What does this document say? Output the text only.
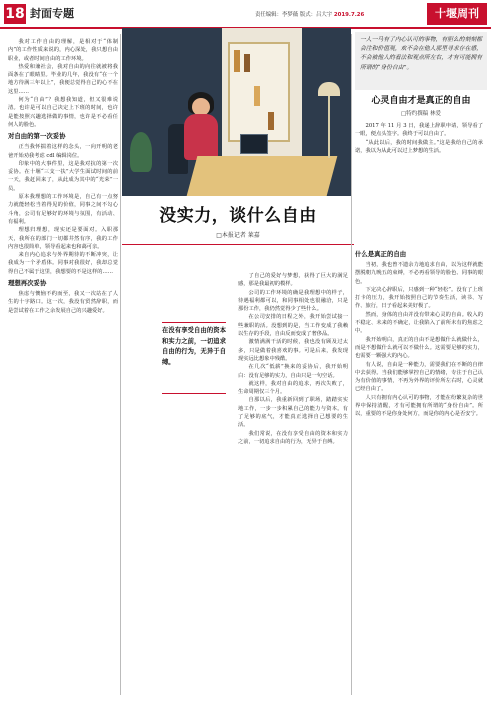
18 封面专题	责任编辑：李梦薇 版式：吕大宇 2019.7.26	十堰周刊

我对工作自由的理解，是相对于“体制内”的工作性质来说的，内心深处，我只想自由职业，或者时间自由的工作环境。

热爱和兼社会，我对自由的向往就被将我面条在了眼睛里。毕业的几年，我没有“在一个地方待满三年以上”，我便总觉得自己的心不在这里……

何为“自由”？我想我知道，但又很难说清。也许是可以自己决定上下班的时间，也许是能按照兴趣选择做的事情，也许是不必看任何人的脸色。

对自由的第一次妥协

正当我怀揣着这样的念头，一向开明的老爸开始劝我考虑 cdl 编辑岗位。

印象中的大事件里，这是我对抗的第一次妥协。在十堰“三支一扶”大学生面试时间的前一天，我赶回来了，从此成为其中的“光荣”一员。

原本我理想的工作环境是，自己有一点努力就能轻松当着得见的价值，同事之间不勾心斗角，公司有足够好的环境与氛围，有活动、有福利。

理想归理想，现实还是要面对。入职那天，我所在的部门一切都井然有序，我的工作内容也很简单，领导看起来也和蔼可亲。

来自内心追求与外界期待的不断冲突，让我成为一个矛盾体。同事对我很好，我却总觉得自己不属于这里，我想要的不是这样的……

理想再次妥协

焦虑与懊恼不约而至，我又一次站在了人生的十字路口。这一次，我没有贸然辞职，而是尝试着在工作之余发展自己的兴趣爱好。

没实力，谈什么自由
□本报记者 莱嘉
在没有享受自由的资本和实力之前，一切追求自由的行为，无异于自缚。

了自己的爱好与梦想，获得了巨大的满足感，那是我最初的模样。

公司的工作环境的确是我理想中的样子，待遇福利都可以，和同事相处也很融洽，只是那份工作，我仍然觉得少了些什么。

在公司安排的日程之外，我开始尝试接一些兼职的活。没想到的是，当工作变成了我赖以生存的手段，自由反而变成了奢侈品。

激情满满干活的时候，我也没有顾及过太多，只是做着我喜欢的事。可是后来，我发现现实远比想象中残酷。

在几次“低薪”换来的妥协后，我开始明白：没有足够的实力，自由只是一句空话。

就这样，我对自由的追求，再次失败了，生命周期仅三个月。

自那以后，我重新回到了职场，踏踏实实地工作，一步一步积累自己的能力与资本。有了足够的底气，才能真正选择自己想要的生活。

我们常说，在没有享受自由的资本和实力之前，一切追求自由的行为，无异于自缚。

一人一马有了内心认可的事物，有胆么的刻刻都会注和价值观，欢不会在他人那里寻求存在感，不会被他人的看法和观点所左右，才有可能拥有所谓的“身份自由”。

心灵自由才是真正的自由
□特约撰稿 林爱

2017 年 11 月 3 日，我递上辞职申请，领导看了一眼，便点头签字。我终于可以自由了。

“从此以后，我的时间我做主。”这是我给自己的承诺，我以为从此可以过上梦想的生活。

什么是真正的自由

当初，我也曾不遗余力地追求自由，以为这样就能摆脱朝九晚五的束缚，不必再看领导的脸色、同事的眼色。

下定决心辞职后，只感到一种“轻松”。没有了上班打卡的压力，我开始按照自己的节奏生活，读书、写作、旅行，日子看起来美好极了。

然而，身体的自由并没有带来心灵的自由。收入的不稳定、未来的不确定，让我陷入了前所未有的焦虑之中。

我开始明白，真正的自由不是想做什么就做什么，而是不想做什么就可以不做什么。这需要足够的实力，也需要一颗强大的内心。

有人说，自由是一种能力，需要我们在不断的自律中去获得。当我们能够掌控自己的情绪，专注于自己认为有价值的事情，不再为外界的评价所左右时，心灵就已经自由了。

人只有拥有内心认可的事物，才能在纷繁复杂的世界中保持清醒，才有可能拥有所谓的“身份自由”。所以，重要的不是你身处何方，而是你的内心是否安宁。
